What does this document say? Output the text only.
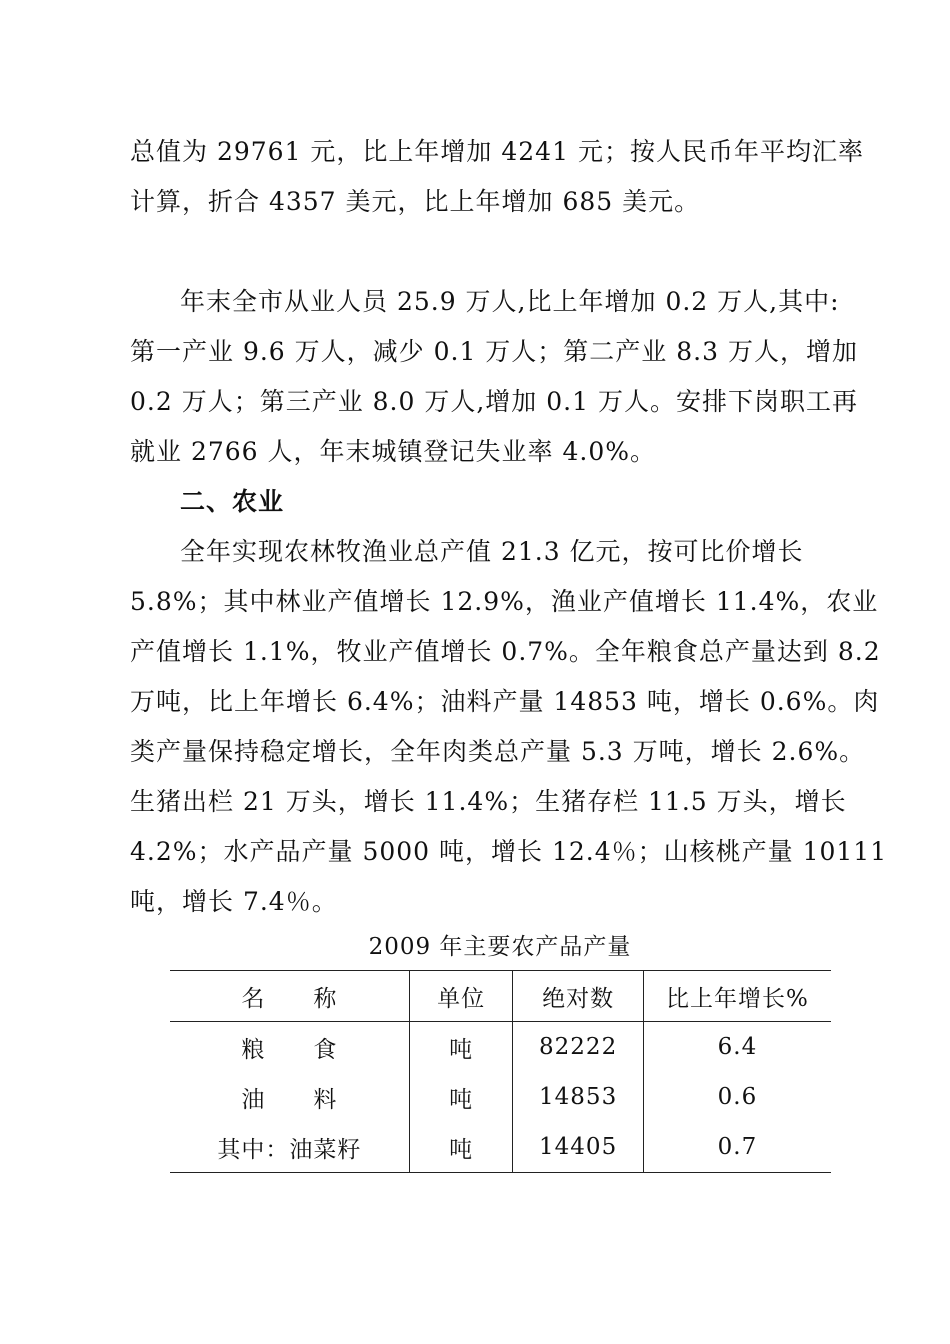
总值为 29761 元，比上年增加 4241 元；按人民币年平均汇率
计算，折合 4357 美元，比上年增加 685 美元。
年末全市从业人员 25.9 万人,比上年增加 0.2 万人,其中:
第一产业 9.6 万人，减少 0.1 万人；第二产业 8.3 万人，增加
0.2 万人；第三产业 8.0 万人,增加 0.1 万人。安排下岗职工再
就业 2766 人，年末城镇登记失业率 4.0%。
二、农业
全年实现农林牧渔业总产值 21.3 亿元，按可比价增长
5.8%；其中林业产值增长 12.9%，渔业产值增长 11.4%，农业
产值增长 1.1%，牧业产值增长 0.7%。全年粮食总产量达到 8.2
万吨，比上年增长 6.4%；油料产量 14853 吨，增长 0.6%。肉
类产量保持稳定增长，全年肉类总产量 5.3 万吨，增长 2.6%。
生猪出栏 21 万头，增长 11.4%；生猪存栏 11.5 万头，增长
4.2%；水产品产量 5000 吨，增长 12.4％；山核桃产量 10111
吨，增长 7.4％。
2009 年主要农产品产量
名　　称	单位	绝对数	比上年增长%
粮　　食	吨	82222	6.4
油　　料	吨	14853	0.6
其中：油菜籽	吨	14405	0.7
